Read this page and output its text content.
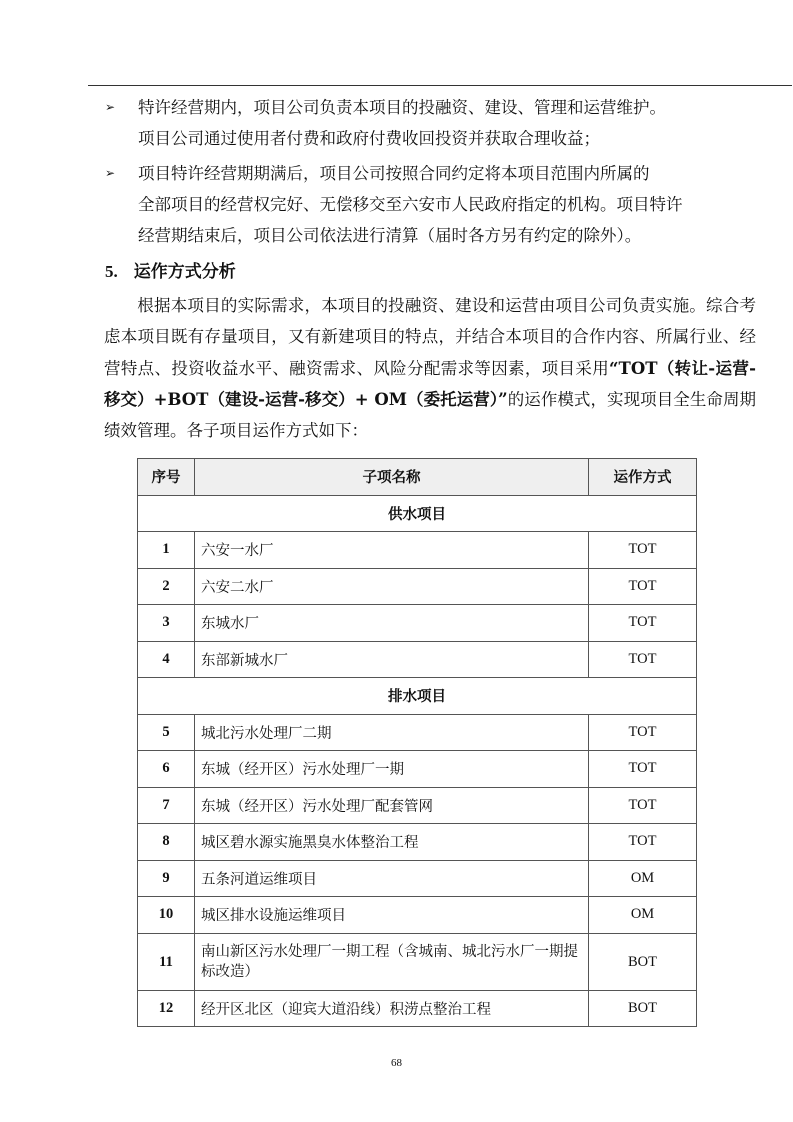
➢	特许经营期内，项目公司负责本项目的投融资、建设、管理和运营维护。
项目公司通过使用者付费和政府付费收回投资并获取合理收益；
➢	项目特许经营期期满后，项目公司按照合同约定将本项目范围内所属的
全部项目的经营权完好、无偿移交至六安市人民政府指定的机构。项目特许
经营期结束后，项目公司依法进行清算（届时各方另有约定的除外）。
5. 运作方式分析
根据本项目的实际需求，本项目的投融资、建设和运营由项目公司负责实施。综合考虑本项目既有存量项目，又有新建项目的特点，并结合本项目的合作内容、所属行业、经营特点、投资收益水平、融资需求、风险分配需求等因素，项目采用“TOT（转让-运营-移交）+BOT（建设-运营-移交）+ OM（委托运营）”的运作模式，实现项目全生命周期绩效管理。各子项目运作方式如下：
序号	子项名称	运作方式
供水项目		
1	六安一水厂	TOT
2	六安二水厂	TOT
3	东城水厂	TOT
4	东部新城水厂	TOT
排水项目		
5	城北污水处理厂二期	TOT
6	东城（经开区）污水处理厂一期	TOT
7	东城（经开区）污水处理厂配套管网	TOT
8	城区碧水源实施黑臭水体整治工程	TOT
9	五条河道运维项目	OM
10	城区排水设施运维项目	OM
11	南山新区污水处理厂一期工程（含城南、城北污水厂一期提标改造）	BOT
12	经开区北区（迎宾大道沿线）积涝点整治工程	BOT
68
